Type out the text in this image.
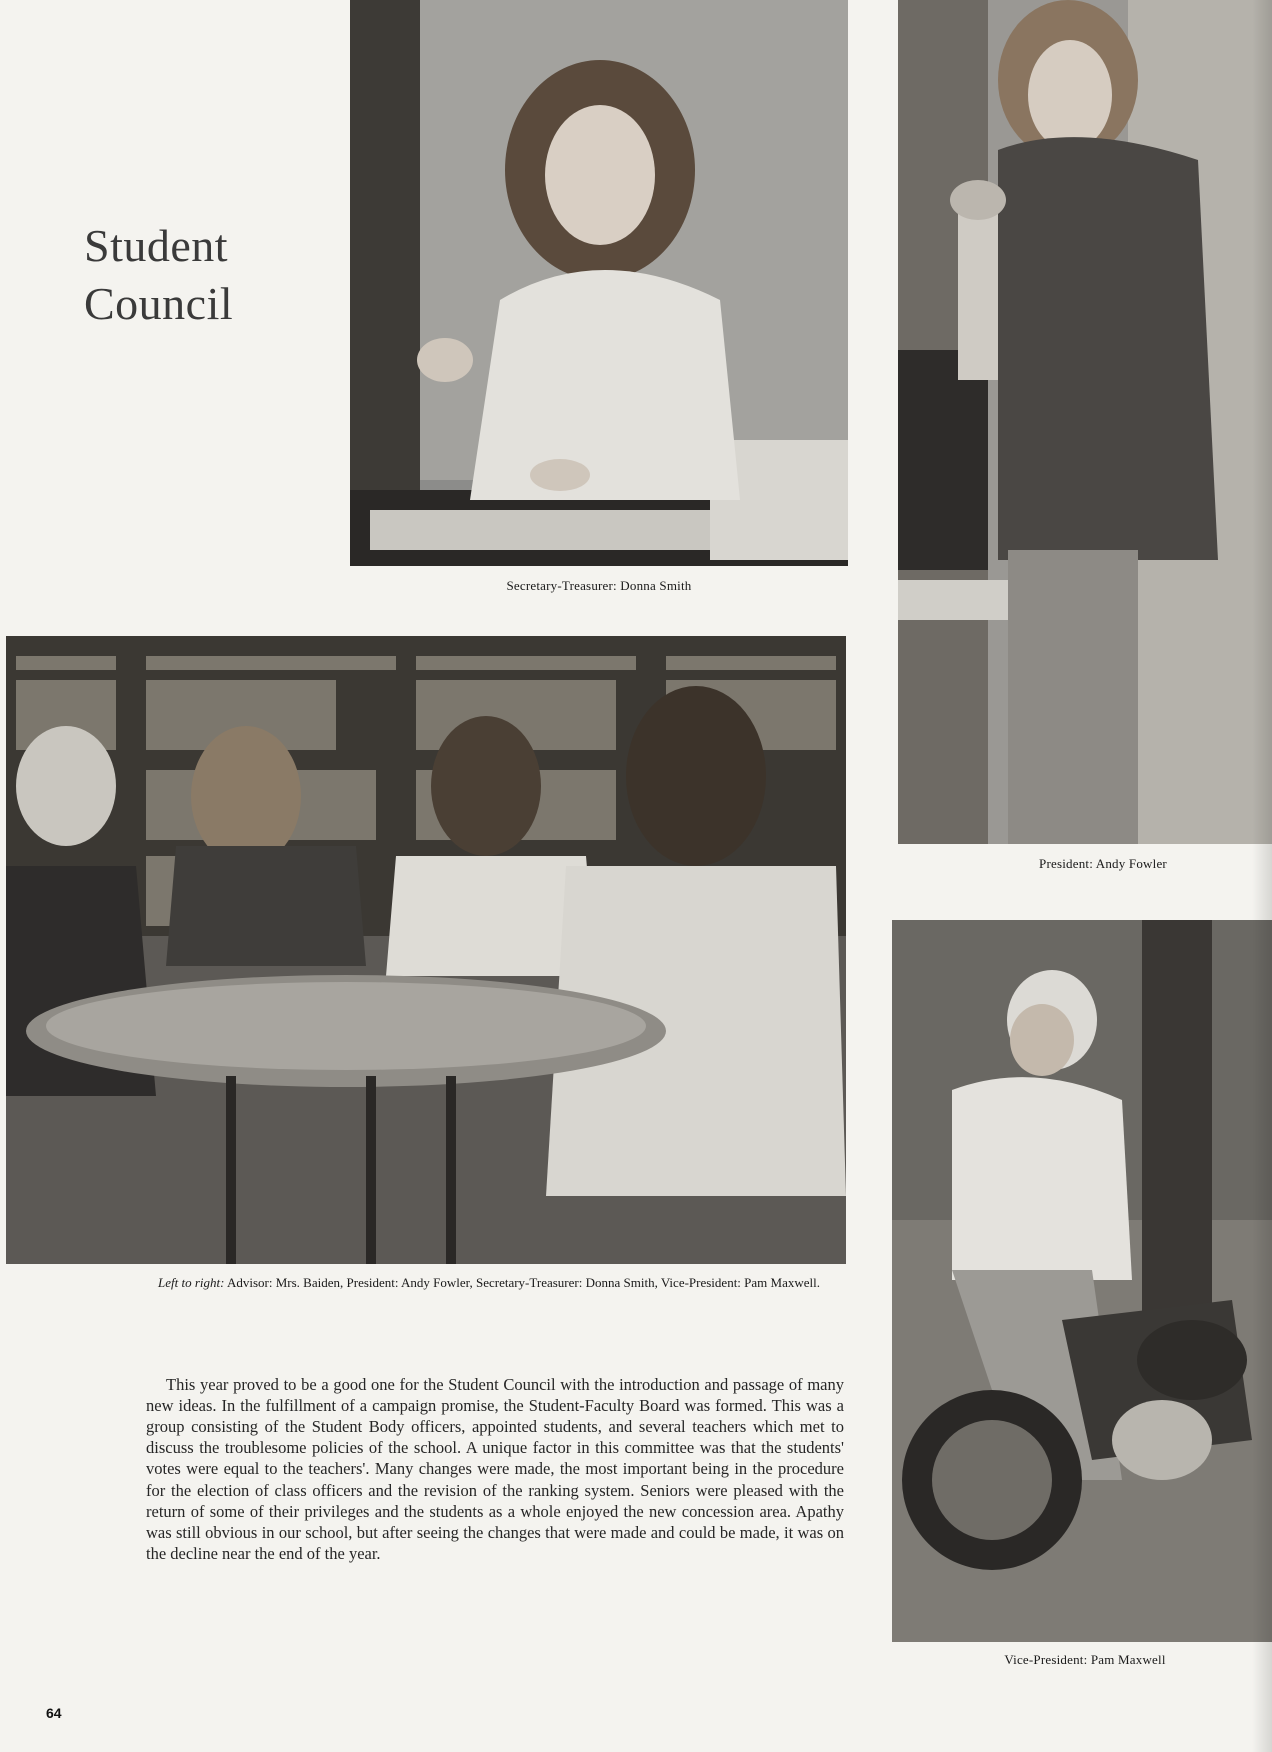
Student
Council
Secretary-Treasurer: Donna Smith
President: Andy Fowler
Left to right: Advisor: Mrs. Baiden, President: Andy Fowler, Secretary-Treasurer: Donna Smith, Vice-President: Pam Maxwell.
Vice-President: Pam Maxwell

This year proved to be a good one for the Student Council with the introduction and passage of many new ideas. In the fulfillment of a campaign promise, the Student-Faculty Board was formed. This was a group consisting of the Student Body officers, appointed students, and several teachers which met to discuss the troublesome policies of the school. A unique factor in this committee was that the students' votes were equal to the teachers'. Many changes were made, the most important being in the procedure for the election of class officers and the revision of the ranking system. Seniors were pleased with the return of some of their privileges and the students as a whole enjoyed the new concession area. Apathy was still obvious in our school, but after seeing the changes that were made and could be made, it was on the decline near the end of the year.

64
